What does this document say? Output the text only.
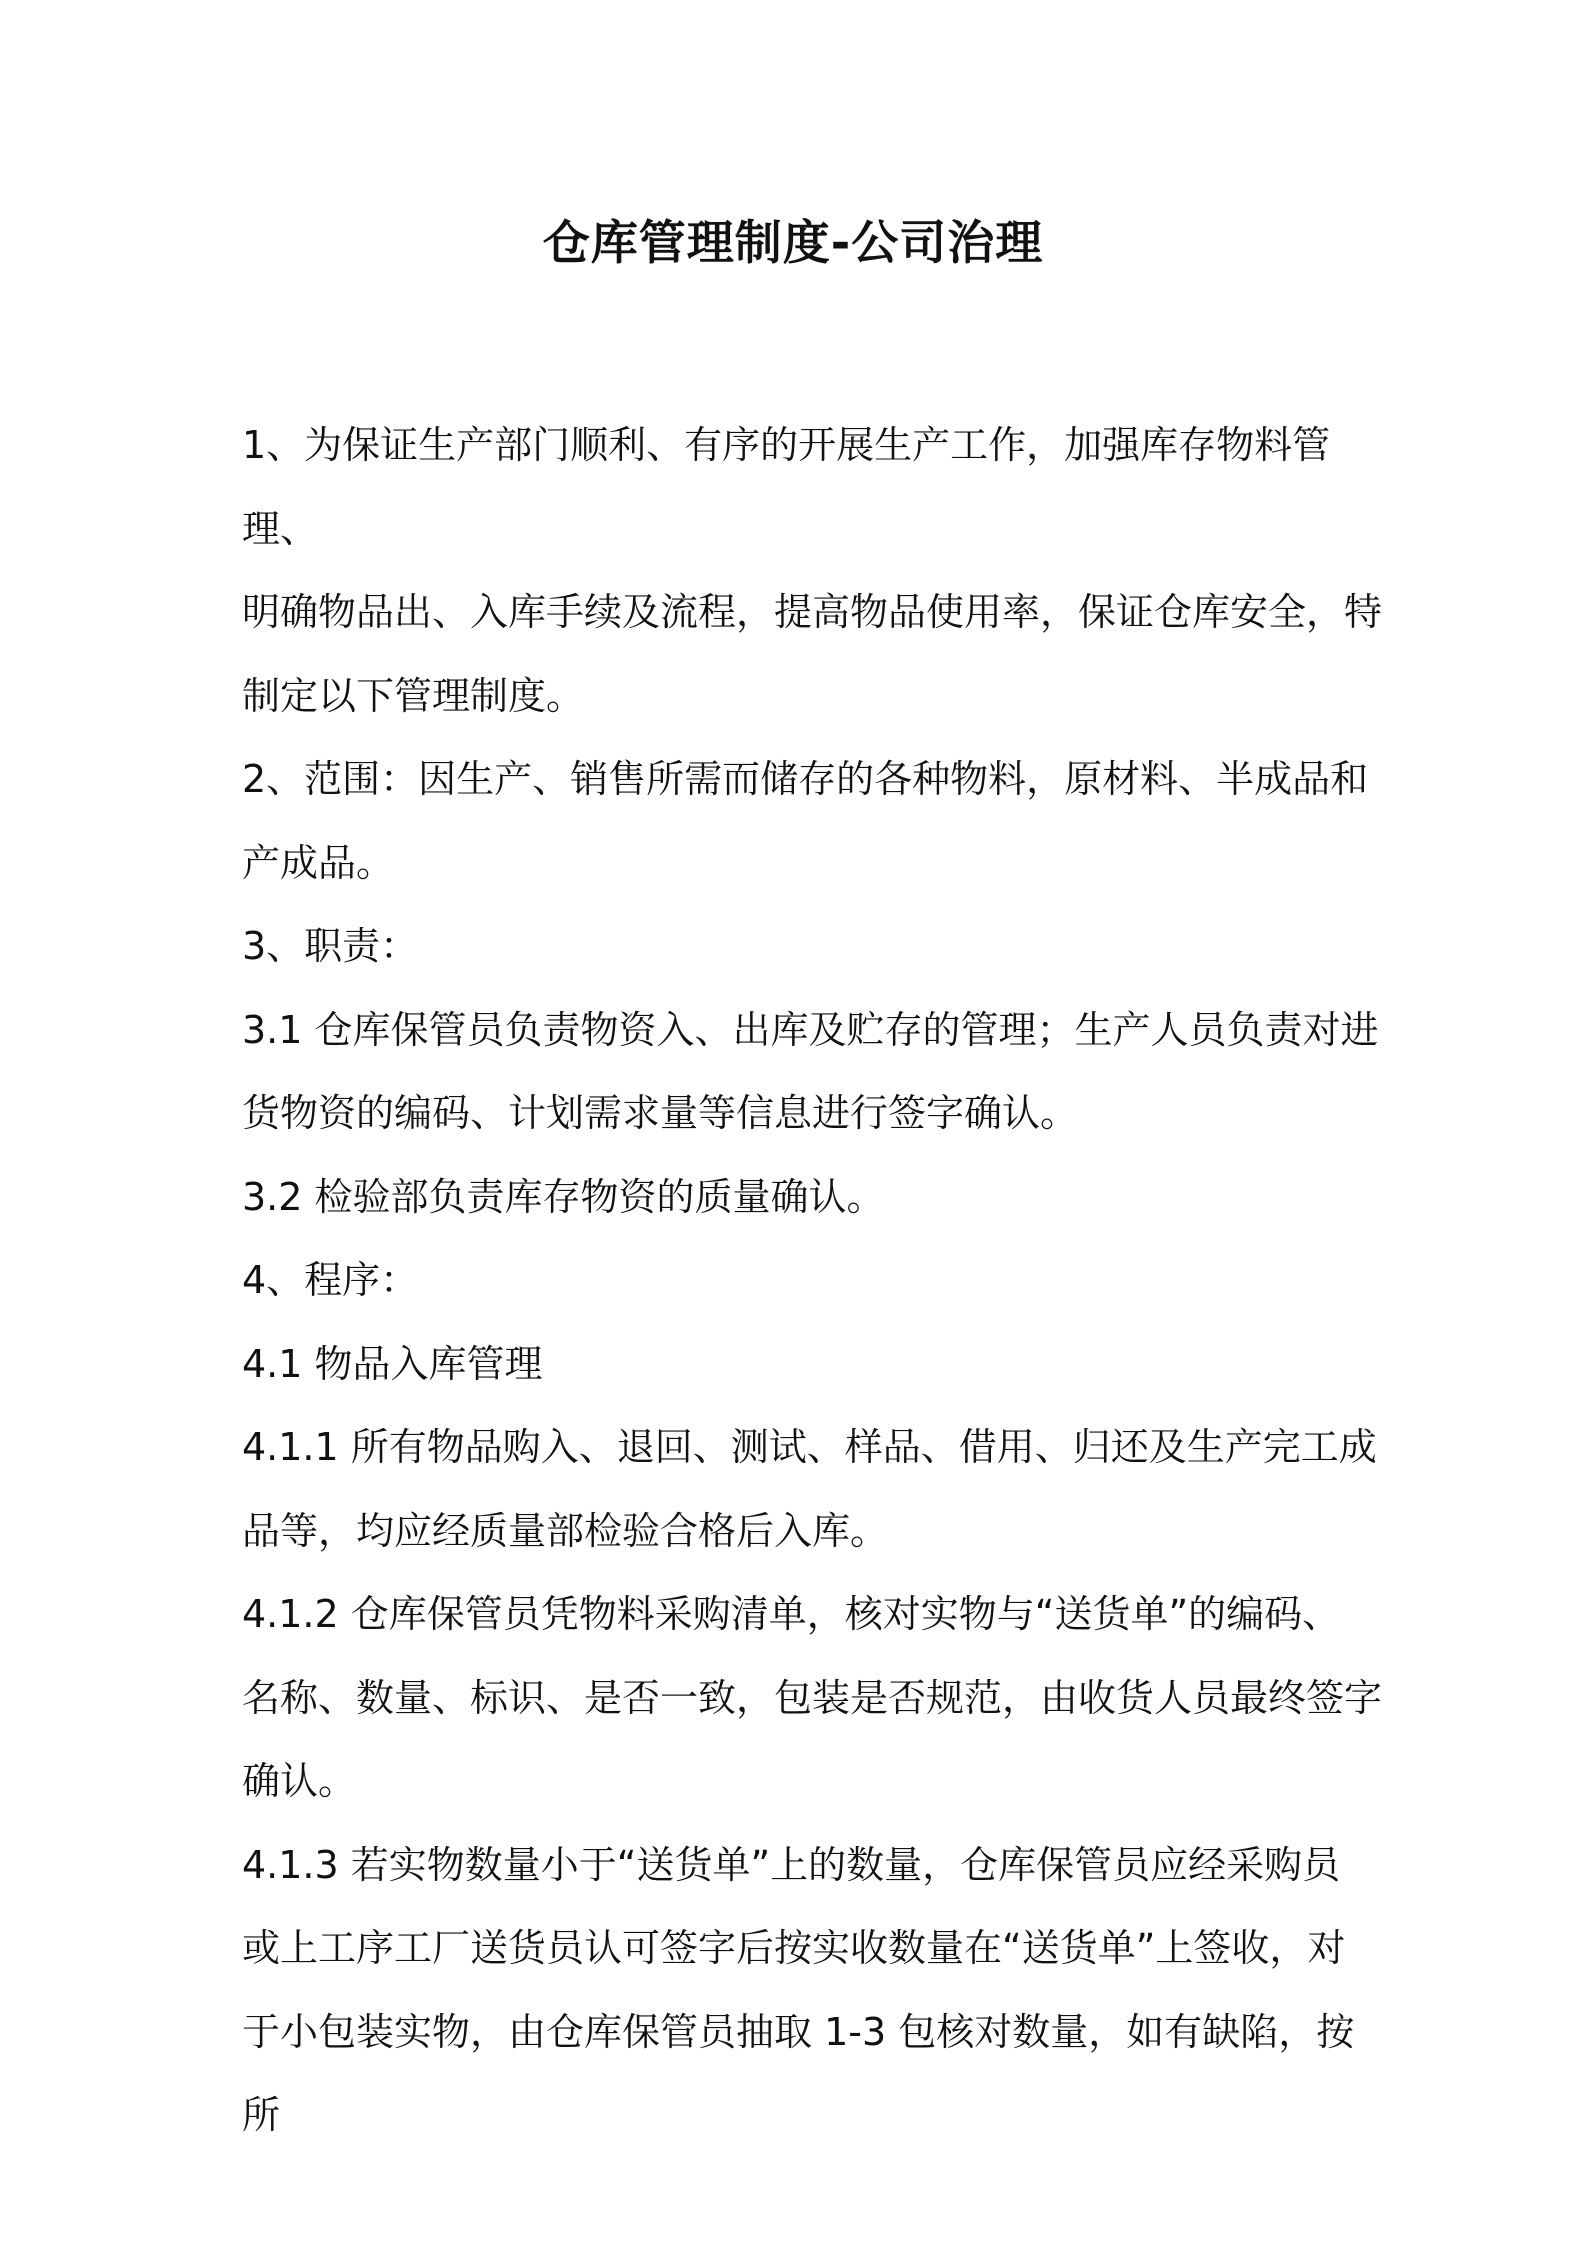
仓库管理制度-公司治理

1、为保证生产部门顺利、有序的开展生产工作，加强库存物料管理、

明确物品出、入库手续及流程，提高物品使用率，保证仓库安全，特

制定以下管理制度。

2、范围：因生产、销售所需而储存的各种物料，原材料、半成品和

产成品。

3、职责：

3.1 仓库保管员负责物资入、出库及贮存的管理；生产人员负责对进

货物资的编码、计划需求量等信息进行签字确认。

3.2 检验部负责库存物资的质量确认。

4、程序：

4.1 物品入库管理

4.1.1 所有物品购入、退回、测试、样品、借用、归还及生产完工成

品等，均应经质量部检验合格后入库。

4.1.2 仓库保管员凭物料采购清单，核对实物与“送货单”的编码、

名称、数量、标识、是否一致，包装是否规范，由收货人员最终签字

确认。

4.1.3 若实物数量小于“送货单”上的数量，仓库保管员应经采购员

或上工序工厂送货员认可签字后按实收数量在“送货单”上签收，对

于小包装实物，由仓库保管员抽取 1-3 包核对数量，如有缺陷，按所
